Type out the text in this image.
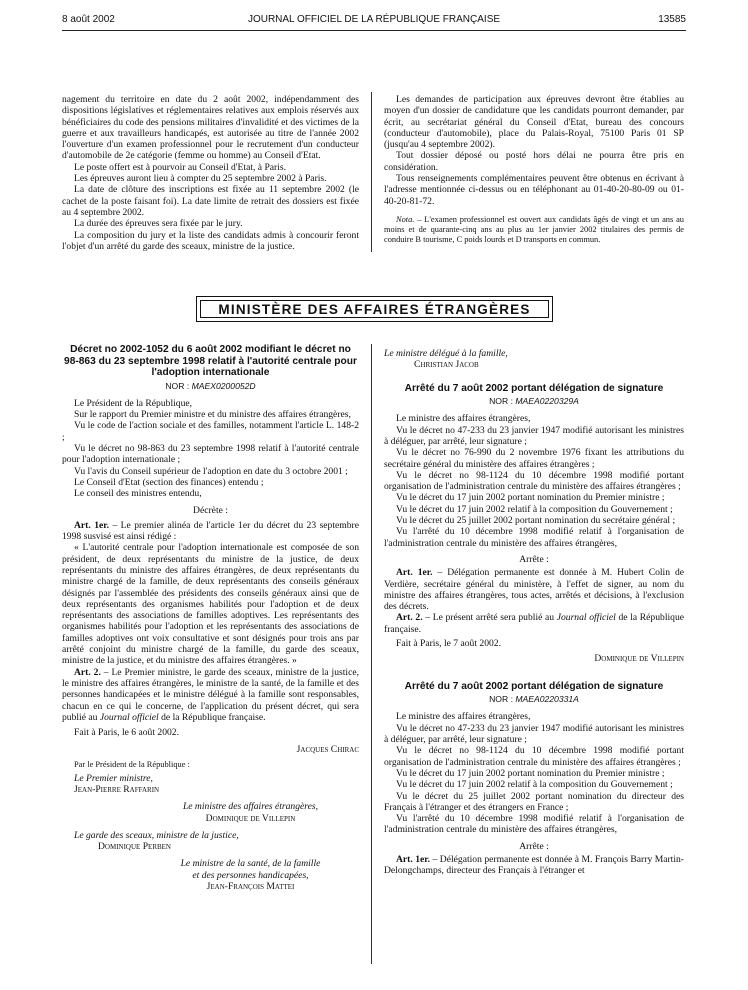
8 août 2002	JOURNAL OFFICIEL DE LA RÉPUBLIQUE FRANÇAISE	13585

nagement du territoire en date du 2 août 2002, indépendamment des dispositions législatives et réglementaires relatives aux emplois réservés aux bénéficiaires du code des pensions militaires d'invalidité et des victimes de la guerre et aux travailleurs handicapés, est autorisée au titre de l'année 2002 l'ouverture d'un examen professionnel pour le recrutement d'un conducteur d'automobile de 2e catégorie (femme ou homme) au Conseil d'Etat.

Le poste offert est à pourvoir au Conseil d'Etat, à Paris.

Les épreuves auront lieu à compter du 25 septembre 2002 à Paris.

La date de clôture des inscriptions est fixée au 11 septembre 2002 (le cachet de la poste faisant foi). La date limite de retrait des dossiers est fixée au 4 septembre 2002.

La durée des épreuves sera fixée par le jury.

La composition du jury et la liste des candidats admis à concourir feront l'objet d'un arrêté du garde des sceaux, ministre de la justice.

Les demandes de participation aux épreuves devront être établies au moyen d'un dossier de candidature que les candidats pourront demander, par écrit, au secrétariat général du Conseil d'Etat, bureau des concours (conducteur d'automobile), place du Palais-Royal, 75100 Paris 01 SP (jusqu'au 4 septembre 2002).

Tout dossier déposé ou posté hors délai ne pourra être pris en considération.

Tous renseignements complémentaires peuvent être obtenus en écrivant à l'adresse mentionnée ci-dessus ou en téléphonant au 01-40-20-80-09 ou 01-40-20-81-72.

Nota. – L'examen professionnel est ouvert aux candidats âgés de vingt et un ans au moins et de quarante-cinq ans au plus au 1er janvier 2002 titulaires des permis de conduire B tourisme, C poids lourds et D transports en commun.

MINISTÈRE DES AFFAIRES ÉTRANGÈRES
Décret no 2002-1052 du 6 août 2002 modifiant le décret no 98-863 du 23 septembre 1998 relatif à l'autorité centrale pour l'adoption internationale
NOR : MAEX0200052D

Le Président de la République,

Sur le rapport du Premier ministre et du ministre des affaires étrangères,

Vu le code de l'action sociale et des familles, notamment l'article L. 148-2 ;

Vu le décret no 98-863 du 23 septembre 1998 relatif à l'autorité centrale pour l'adoption internationale ;

Vu l'avis du Conseil supérieur de l'adoption en date du 3 octobre 2001 ;

Le Conseil d'Etat (section des finances) entendu ;

Le conseil des ministres entendu,

Décrète :

Art. 1er. – Le premier alinéa de l'article 1er du décret du 23 septembre 1998 susvisé est ainsi rédigé :

« L'autorité centrale pour l'adoption internationale est composée de son président, de deux représentants du ministre de la justice, de deux représentants du ministre des affaires étrangères, de deux représentants du ministre chargé de la famille, de deux représentants des conseils généraux désignés par l'assemblée des présidents des conseils généraux ainsi que de deux représentants des organismes habilités pour l'adoption et de deux représentants des associations de familles adoptives. Les représentants des organismes habilités pour l'adoption et les représentants des associations de familles adoptives ont voix consultative et sont désignés pour trois ans par arrêté conjoint du ministre chargé de la famille, du garde des sceaux, ministre de la justice, et du ministre des affaires étrangères. »

Art. 2. – Le Premier ministre, le garde des sceaux, ministre de la justice, le ministre des affaires étrangères, le ministre de la santé, de la famille et des personnes handicapées et le ministre délégué à la famille sont responsables, chacun en ce qui le concerne, de l'application du présent décret, qui sera publié au Journal officiel de la République française.

Fait à Paris, le 6 août 2002.

Jacques Chirac

Par le Président de la République :

Le Premier ministre,

Jean-Pierre Raffarin

Le ministre des affaires étrangères,

Dominique de Villepin

Le garde des sceaux, ministre de la justice,

Dominique Perben

Le ministre de la santé, de la famille

et des personnes handicapées,

Jean-François Mattei

Le ministre délégué à la famille,

Christian Jacob

Arrêté du 7 août 2002 portant délégation de signature
NOR : MAEA0220329A

Le ministre des affaires étrangères,

Vu le décret no 47-233 du 23 janvier 1947 modifié autorisant les ministres à déléguer, par arrêté, leur signature ;

Vu le décret no 76-990 du 2 novembre 1976 fixant les attributions du secrétaire général du ministère des affaires étrangères ;

Vu le décret no 98-1124 du 10 décembre 1998 modifié portant organisation de l'administration centrale du ministère des affaires étrangères ;

Vu le décret du 17 juin 2002 portant nomination du Premier ministre ;

Vu le décret du 17 juin 2002 relatif à la composition du Gouvernement ;

Vu le décret du 25 juillet 2002 portant nomination du secrétaire général ;

Vu l'arrêté du 10 décembre 1998 modifié relatif à l'organisation de l'administration centrale du ministère des affaires étrangères,

Arrête :

Art. 1er. – Délégation permanente est donnée à M. Hubert Colin de Verdière, secrétaire général du ministère, à l'effet de signer, au nom du ministre des affaires étrangères, tous actes, arrêtés et décisions, à l'exclusion des décrets.

Art. 2. – Le présent arrêté sera publié au Journal officiel de la République française.

Fait à Paris, le 7 août 2002.

Dominique de Villepin

Arrêté du 7 août 2002 portant délégation de signature
NOR : MAEA0220331A

Le ministre des affaires étrangères,

Vu le décret no 47-233 du 23 janvier 1947 modifié autorisant les ministres à déléguer, par arrêté, leur signature ;

Vu le décret no 98-1124 du 10 décembre 1998 modifié portant organisation de l'administration centrale du ministère des affaires étrangères ;

Vu le décret du 17 juin 2002 portant nomination du Premier ministre ;

Vu le décret du 17 juin 2002 relatif à la composition du Gouvernement ;

Vu le décret du 25 juillet 2002 portant nomination du directeur des Français à l'étranger et des étrangers en France ;

Vu l'arrêté du 10 décembre 1998 modifié relatif à l'organisation de l'administration centrale du ministère des affaires étrangères,

Arrête :

Art. 1er. – Délégation permanente est donnée à M. François Barry Martin-Delongchamps, directeur des Français à l'étranger et
